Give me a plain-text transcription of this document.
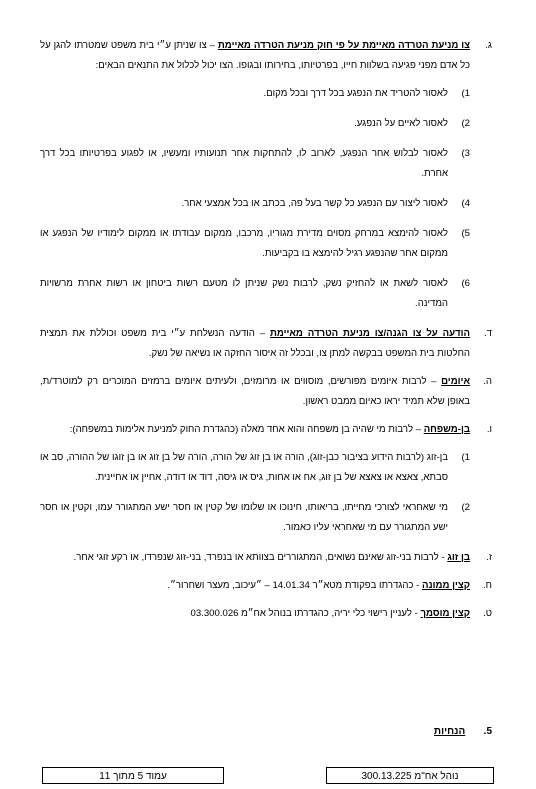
ג.
צו מניעת הטרדה מאיימת על פי חוק מניעת הטרדה מאיימת – צו שניתן ע״י בית משפט שמטרתו להגן על כל אדם מפני פגיעה בשלוות חייו, בפרטיותו, בחירותו ובגופו. הצו יכול לכלול את התנאים הבאים:
1)
לאסור להטריד את הנפגע בכל דרך ובכל מקום.
2)
לאסור לאיים על הנפגע.
3)
לאסור לבלוש אחר הנפגע, לארוב לו, להתחקות אחר תנועותיו ומעשיו, או לפגוע בפרטיותו בכל דרך אחרת.
4)
לאסור ליצור עם הנפגע כל קשר בעל פה, בכתב או בכל אמצעי אחר.
5)
לאסור להימצא במרחק מסוים מדירת מגוריו, מרכבו, ממקום עבודתו או ממקום לימודיו של הנפגע או ממקום אחר שהנפגע רגיל להימצא בו בקביעות.
6)
לאסור לשאת או להחזיק נשק, לרבות נשק שניתן לו מטעם רשות ביטחון או רשות אחרת מרשויות המדינה.
ד.
הודעה על צו הגנה/צו מניעת הטרדה מאיימת – הודעה הנשלחת ע״י בית משפט וכוללת את תמצית החלטות בית המשפט בבקשה למתן צו, ובכלל זה איסור החזקה או נשיאה של נשק.
ה.
איומים – לרבות איומים מפורשים, מוסווים או מרומזים, ולעיתים איומים ברמזים המוכרים רק למוטרד/ת, באופן שלא תמיד יראו כאיום ממבט ראשון.
ו.
בן-משפחה – לרבות מי שהיה בן משפחה והוא אחד מאלה (כהגדרת החוק למניעת אלימות במשפחה):
1)
בן-זוג (לרבות הידוע בציבור כבן-זוג), הורה או בן זוג של הורה, הורה של בן זוג או בן זוגו של ההורה, סב או סבתא, צאצא או צאצא של בן זוג, אח או אחות, גיס או גיסה, דוד או דודה, אחיין או אחיינית.
2)
מי שאחראי לצורכי מחייתו, בריאותו, חינוכו או שלומו של קטין או חסר ישע המתגורר עמו, וקטין או חסר ישע המתגורר עם מי שאחראי עליו כאמור.
ז.
בן זוג - לרבות בני-זוג שאינם נשואים, המתגוררים בצוותא או בנפרד, בני-זוג שנפרדו, או רקע זוגי אחר.
ח.
קצין ממונה - כהגדרתו בפקודת מטא״ר 14.01.34 – ״עיכוב, מעצר ושחרור״.
ט.
קצין מוסמך - לעניין רישוי כלי יריה, כהגדרתו בנוהל אח״מ 03.300.026
5. הנחיות
נוהל אח"מ 300.13.225
עמוד 5 מתוך 11
